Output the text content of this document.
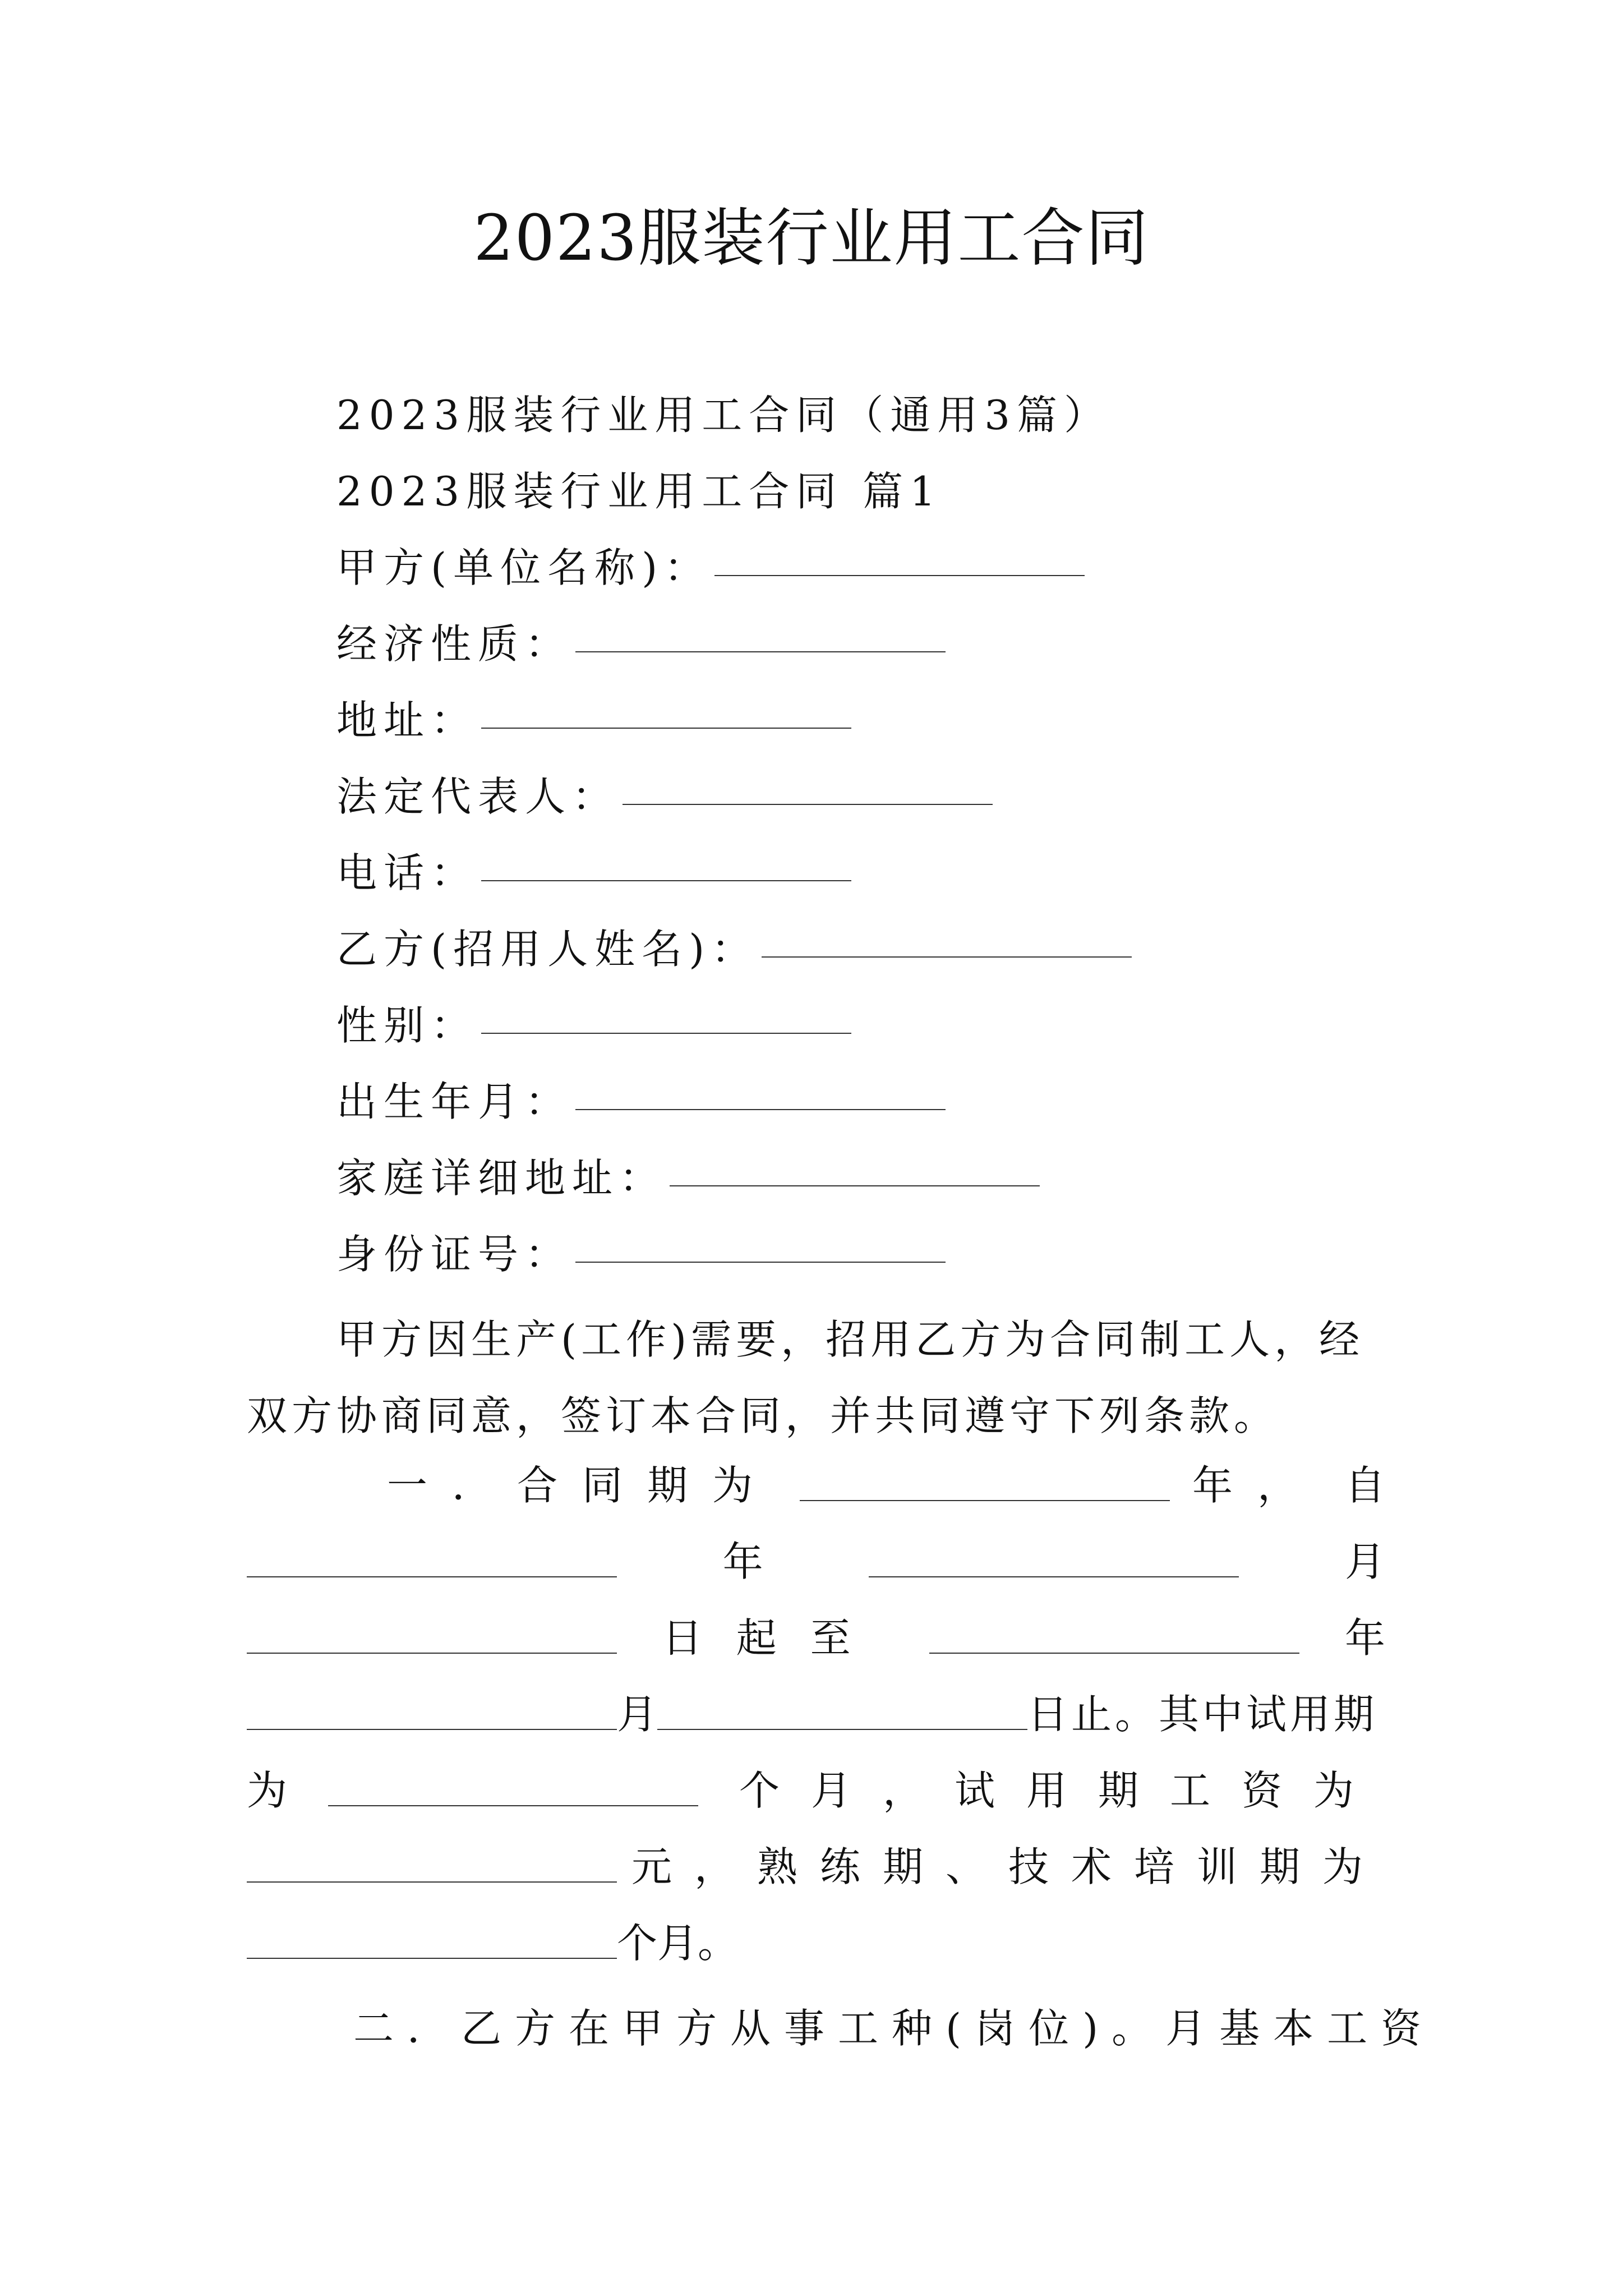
2023服装行业用工合同
2023服装行业用工合同（通用3篇）
2023服装行业用工合同 篇1
甲方(单位名称)：
经济性质：
地址：
法定代表人：
电话：
乙方(招用人姓名)：
性别：
出生年月：
家庭详细地址：
身份证号：
甲方因生产(工作)需要，招用乙方为合同制工人，经双方协商同意，签订本合同，并共同遵守下列条款。
一．合同期为	年， 自
年	月
日起至	年
月	日止。其中试用期
为	个月，试用期工资为
元，熟练期、技术培训期为
个月。
二．乙方在甲方从事工种(岗位)。月基本工资
